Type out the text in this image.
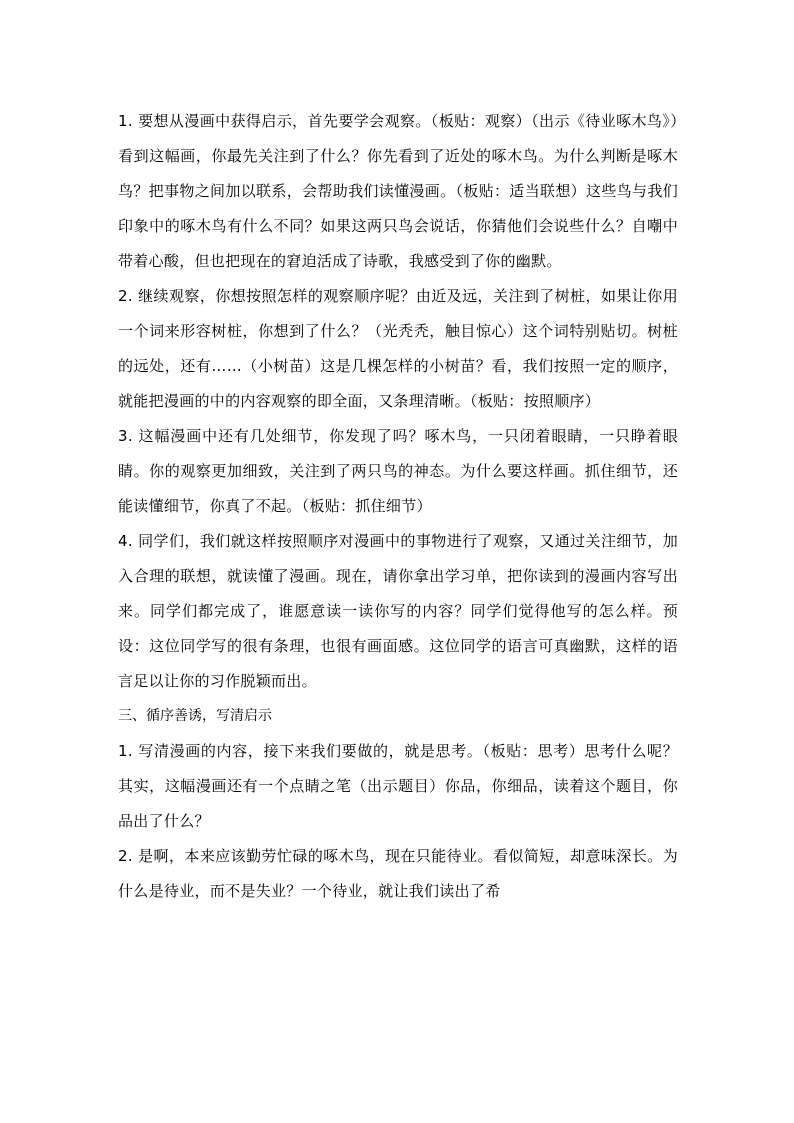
1. 要想从漫画中获得启示，首先要学会观察。（板贴：观察）（出示《待业啄木鸟》）看到这幅画，你最先关注到了什么？你先看到了近处的啄木鸟。为什么判断是啄木鸟？把事物之间加以联系，会帮助我们读懂漫画。（板贴：适当联想）这些鸟与我们印象中的啄木鸟有什么不同？如果这两只鸟会说话，你猜他们会说些什么？自嘲中带着心酸，但也把现在的窘迫活成了诗歌，我感受到了你的幽默。

2. 继续观察，你想按照怎样的观察顺序呢？由近及远，关注到了树桩，如果让你用一个词来形容树桩，你想到了什么？（光秃秃，触目惊心）这个词特别贴切。树桩的远处，还有……（小树苗）这是几棵怎样的小树苗？看，我们按照一定的顺序，就能把漫画的中的内容观察的即全面，又条理清晰。（板贴：按照顺序）

3. 这幅漫画中还有几处细节，你发现了吗？啄木鸟，一只闭着眼睛，一只睁着眼睛。你的观察更加细致，关注到了两只鸟的神态。为什么要这样画。抓住细节，还能读懂细节，你真了不起。（板贴：抓住细节）

4. 同学们，我们就这样按照顺序对漫画中的事物进行了观察，又通过关注细节，加入合理的联想，就读懂了漫画。现在，请你拿出学习单，把你读到的漫画内容写出来。同学们都完成了，谁愿意读一读你写的内容？同学们觉得他写的怎么样。预设：这位同学写的很有条理，也很有画面感。这位同学的语言可真幽默，这样的语言足以让你的习作脱颖而出。

三、循序善诱，写清启示

1. 写清漫画的内容，接下来我们要做的，就是思考。（板贴：思考）思考什么呢？其实，这幅漫画还有一个点睛之笔（出示题目）你品，你细品，读着这个题目，你品出了什么？

2. 是啊，本来应该勤劳忙碌的啄木鸟，现在只能待业。看似简短，却意味深长。为什么是待业，而不是失业？一个待业，就让我们读出了希
